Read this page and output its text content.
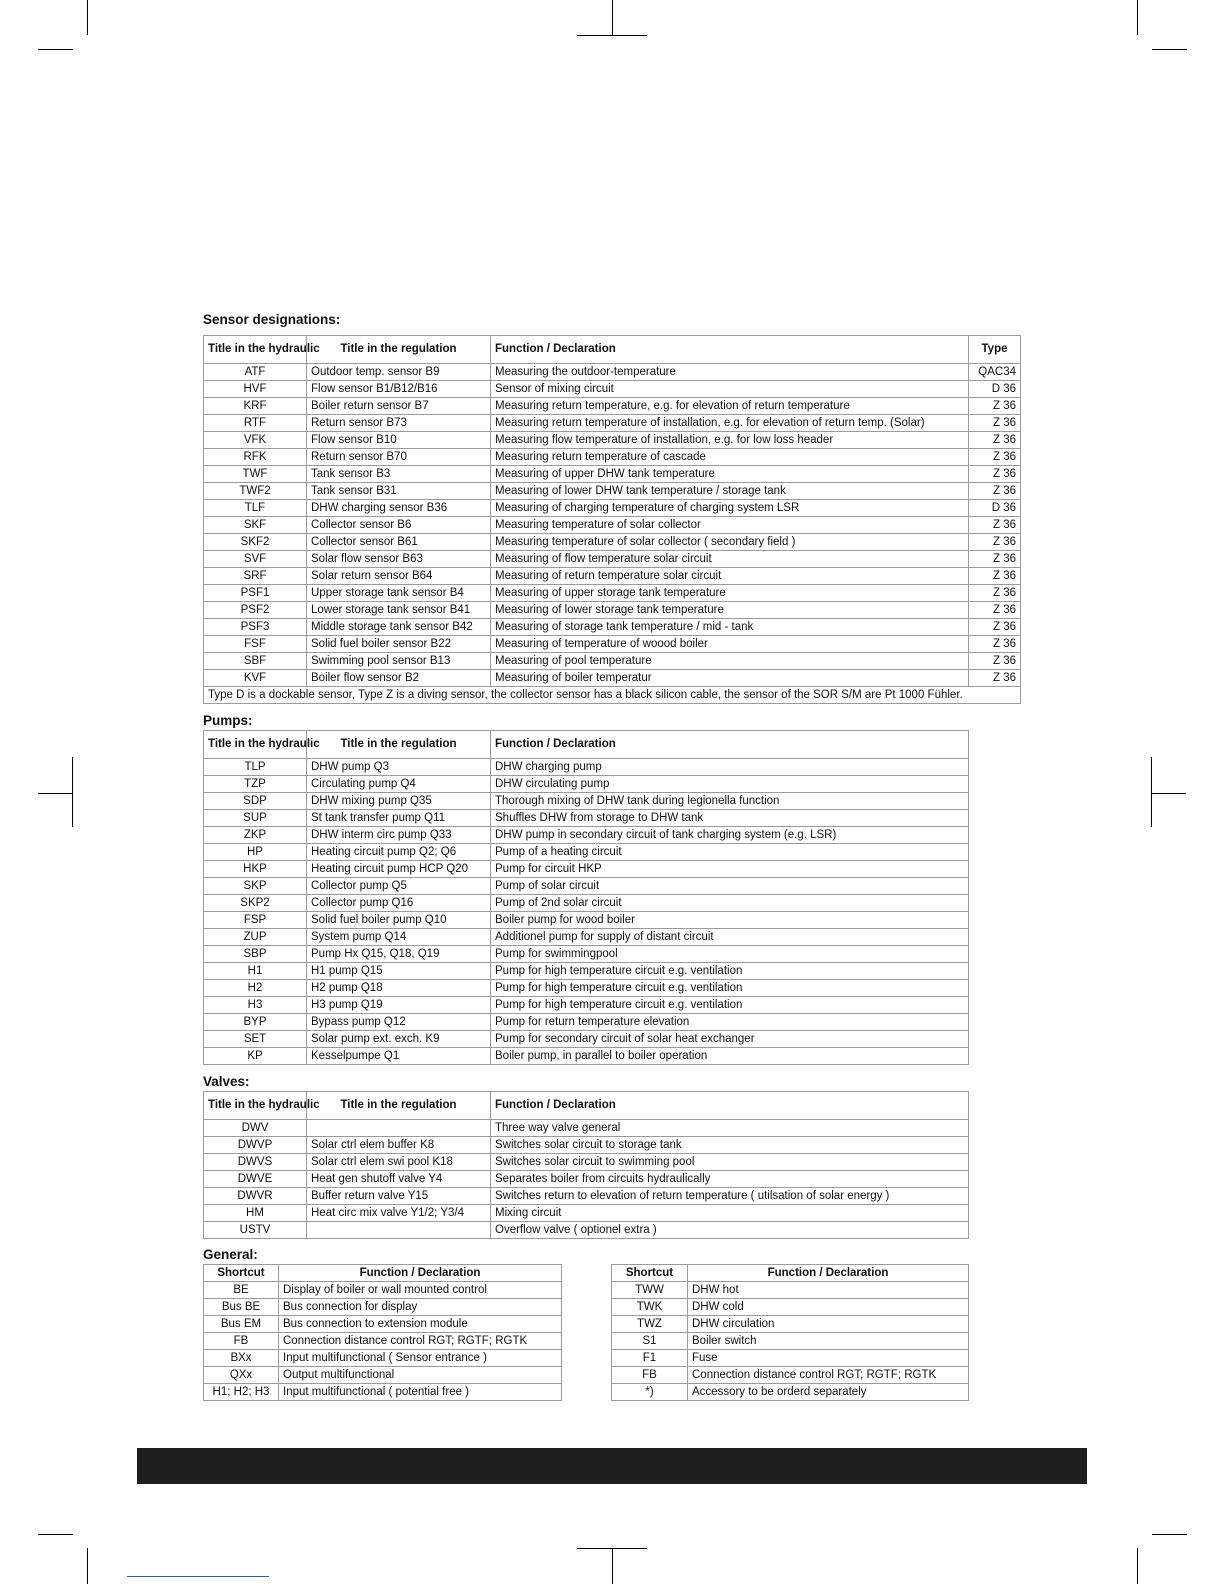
Sensor designations:
Title in the hydraulic	Title in the regulation	Function / Declaration	Type
ATF	Outdoor temp. sensor B9	Measuring the outdoor-temperature	QAC34
HVF	Flow sensor B1/B12/B16	Sensor of mixing circuit	D 36
KRF	Boiler return sensor B7	Measuring return temperature, e.g. for elevation of return temperature	Z 36
RTF	Return sensor B73	Measuring return temperature of installation, e.g. for elevation of return temp. (Solar)	Z 36
VFK	Flow sensor B10	Measuring flow temperature of installation, e.g. for low loss header	Z 36
RFK	Return sensor B70	Measuring return temperature of cascade	Z 36
TWF	Tank sensor B3	Measuring of upper DHW tank temperature	Z 36
TWF2	Tank sensor B31	Measuring of lower DHW tank temperature / storage tank	Z 36
TLF	DHW charging sensor B36	Measuring of charging temperature of charging system LSR	D 36
SKF	Collector sensor B6	Measuring temperature of solar collector	Z 36
SKF2	Collector sensor B61	Measuring temperature of solar collector ( secondary field )	Z 36
SVF	Solar flow sensor B63	Measuring of flow temperature solar circuit	Z 36
SRF	Solar return sensor B64	Measuring of return temperature solar circuit	Z 36
PSF1	Upper storage tank sensor B4	Measuring of upper storage tank temperature	Z 36
PSF2	Lower storage tank sensor B41	Measuring of lower storage tank temperature	Z 36
PSF3	Middle storage tank sensor B42	Measuring of storage tank temperature / mid - tank	Z 36
FSF	Solid fuel boiler sensor B22	Measuring of temperature of woood boiler	Z 36
SBF	Swimming pool sensor B13	Measuring of pool temperature	Z 36
KVF	Boiler flow sensor B2	Measuring of boiler temperatur	Z 36
Type D is a dockable sensor, Type Z is a diving sensor, the collector sensor has a black silicon cable, the sensor of the SOR S/M are Pt 1000 Fühler.			
Pumps:
Title in the hydraulic	Title in the regulation	Function / Declaration
TLP	DHW pump Q3	DHW charging pump
TZP	Circulating pump Q4	DHW circulating pump
SDP	DHW mixing pump Q35	Thorough mixing of DHW tank during legionella function
SUP	St tank transfer pump Q11	Shuffles DHW from storage to DHW tank
ZKP	DHW interm circ pump Q33	DHW pump in secondary circuit of tank charging system (e.g. LSR)
HP	Heating circuit pump Q2; Q6	Pump of a heating circuit
HKP	Heating circuit pump HCP Q20	Pump for circuit HKP
SKP	Collector pump Q5	Pump of solar circuit
SKP2	Collector pump Q16	Pump of 2nd solar circuit
FSP	Solid fuel boiler pump Q10	Boiler pump for wood boiler
ZUP	System pump Q14	Additionel pump for supply of distant circuit
SBP	Pump Hx Q15, Q18, Q19	Pump for swimmingpool
H1	H1 pump Q15	Pump for high temperature circuit e.g. ventilation
H2	H2 pump Q18	Pump for high temperature circuit e.g. ventilation
H3	H3 pump Q19	Pump for high temperature circuit e.g. ventilation
BYP	Bypass pump Q12	Pump for return temperature elevation
SET	Solar pump ext. exch. K9	Pump for secondary circuit of solar heat exchanger
KP	Kesselpumpe Q1	Boiler pump, in parallel to boiler operation
Valves:
Title in the hydraulic	Title in the regulation	Function / Declaration
DWV		Three way valve general
DWVP	Solar ctrl elem buffer K8	Switches solar circuit to storage tank
DWVS	Solar ctrl elem swi pool K18	Switches solar circuit to swimming pool
DWVE	Heat gen shutoff valve Y4	Separates boiler from circuits hydraulically
DWVR	Buffer return valve Y15	Switches return to elevation of return temperature ( utilsation of solar energy )
HM	Heat circ mix valve Y1/2; Y3/4	Mixing circuit
USTV		Overflow valve ( optionel extra )
General:
Shortcut	Function / Declaration
BE	Display of boiler or wall mounted control
Bus BE	Bus connection for display
Bus EM	Bus connection to extension module
FB	Connection distance control RGT; RGTF; RGTK
BXx	Input multifunctional ( Sensor entrance )
QXx	Output multifunctional
H1; H2; H3	Input multifunctional ( potential free )
Shortcut	Function / Declaration
TWW	DHW hot
TWK	DHW cold
TWZ	DHW circulation
S1	Boiler switch
F1	Fuse
FB	Connection distance control RGT; RGTF; RGTK
*)	Accessory to be orderd separately
